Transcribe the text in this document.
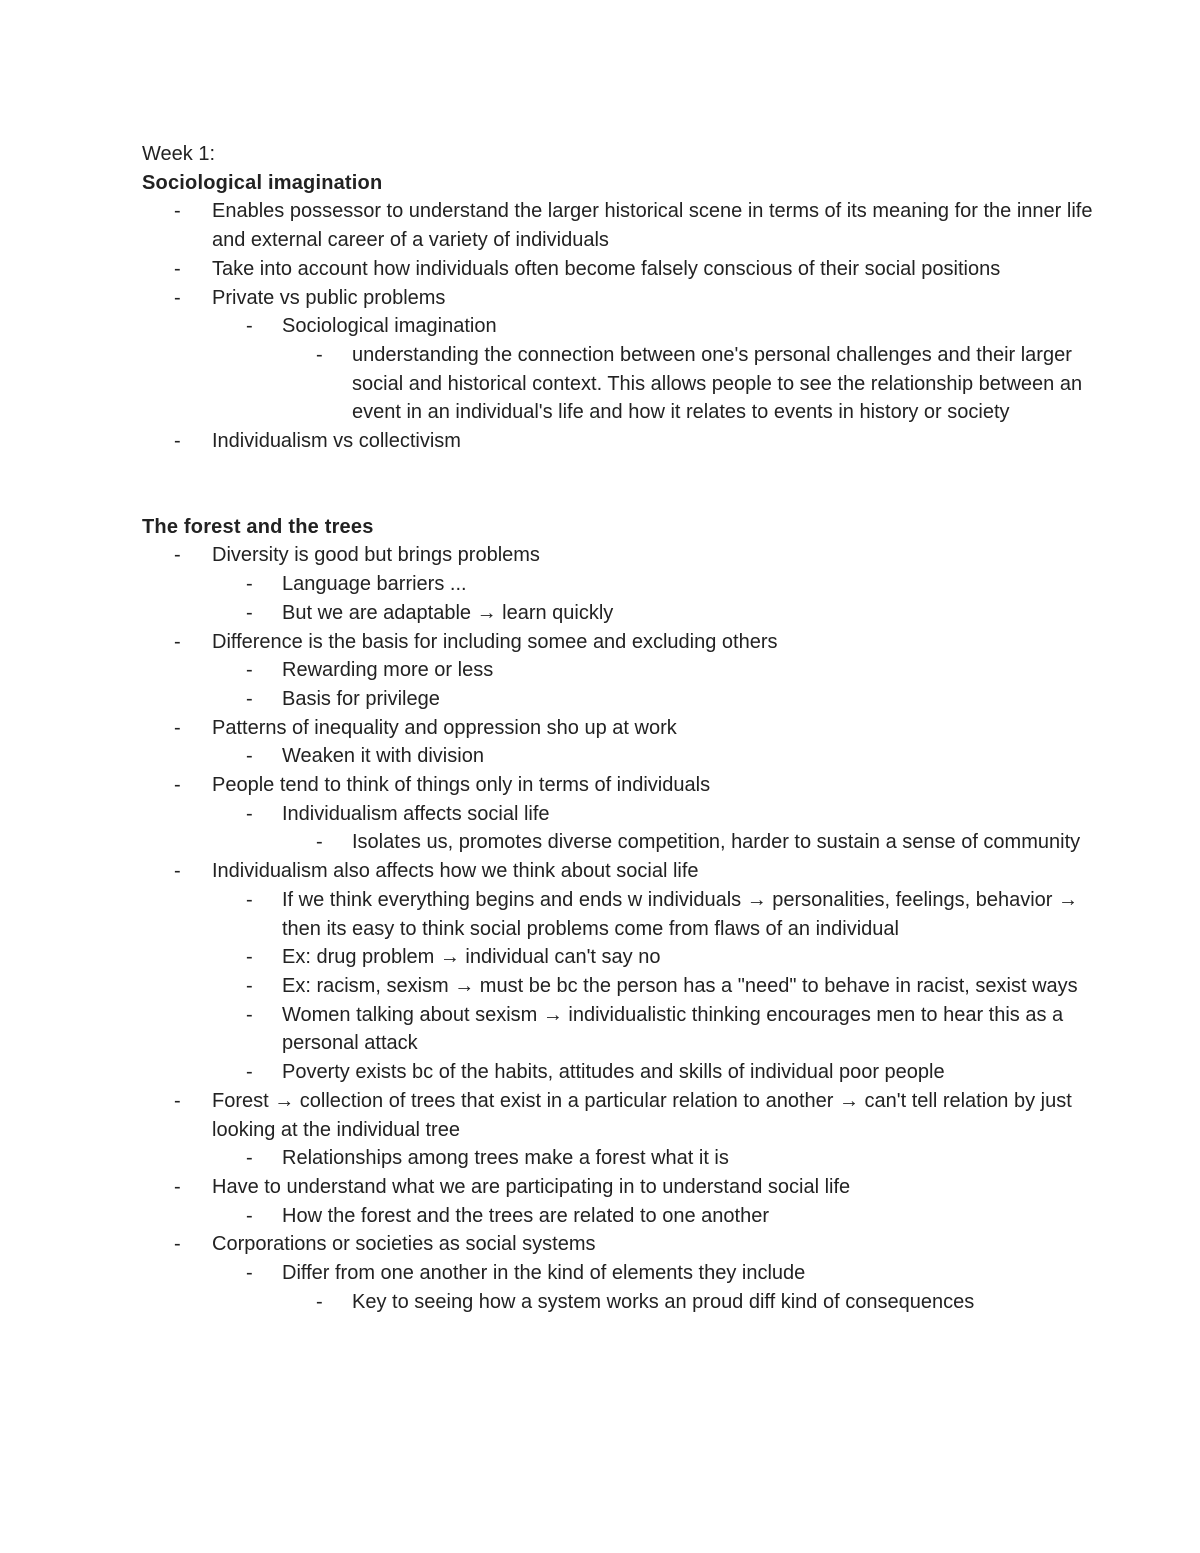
Week 1:

Sociological imagination

- Enables possessor to understand the larger historical scene in terms of its meaning for the inner life and external career of a variety of individuals
- Take into account how individuals often become falsely conscious of their social positions
- Private vs public problems
- Sociological imagination
- understanding the connection between one's personal challenges and their larger social and historical context. This allows people to see the relationship between an event in an individual's life and how it relates to events in history or society
- Individualism vs collectivism

The forest and the trees

- Diversity is good but brings problems
- Language barriers ...
- But we are adaptable → learn quickly
- Difference is the basis for including somee and excluding others
- Rewarding more or less
- Basis for privilege
- Patterns of inequality and oppression sho up at work
- Weaken it with division
- People tend to think of things only in terms of individuals
- Individualism affects social life
- Isolates us, promotes diverse competition, harder to sustain a sense of community
- Individualism also affects how we think about social life
- If we think everything begins and ends w individuals → personalities, feelings, behavior → then its easy to think social problems come from flaws of an individual
- Ex: drug problem → individual can't say no
- Ex: racism, sexism → must be bc the person has a "need" to behave in racist, sexist ways
- Women talking about sexism → individualistic thinking encourages men to hear this as a personal attack
- Poverty exists bc of the habits, attitudes and skills of individual poor people
- Forest → collection of trees that exist in a particular relation to another → can't tell relation by just looking at the individual tree
- Relationships among trees make a forest what it is
- Have to understand what we are participating in to understand social life
- How the forest and the trees are related to one another
- Corporations or societies as social systems
- Differ from one another in the kind of elements they include
- Key to seeing how a system works an proud diff kind of consequences
